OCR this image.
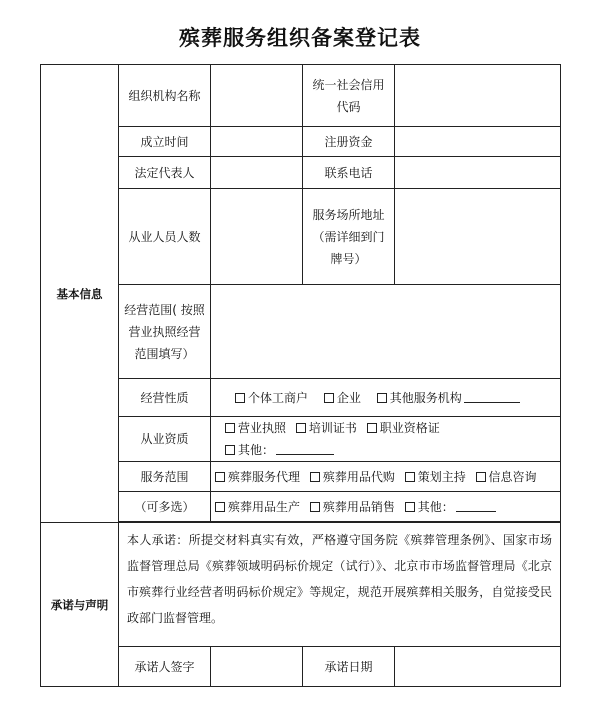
殡葬服务组织备案登记表
基本信息	组织机构名称		统一社会信用
代码	

	成立时间		注册资金	
	法定代表人		联系电话	
	从业人员人数		服务场所地址
（需详细到门
牌号）	

	经营范围( 按照
营业执照经营
范围填写）			

	经营性质	个体工商户 企业 其他服务机构		
	从业资质	营业执照 培训证书 职业资格证 其他：		
	服务范围	殡葬服务代理 殡葬用品代购 策划主持 信息咨询		
	（可多选）	殡葬用品生产 殡葬用品销售 其他：		

承诺与声明	本人承诺：所提交材料真实有效，严格遵守国务院《殡葬管理条例》、国家市场监督管理总局《殡葬领域明码标价规定（试行）》、北京市市场监督管理局《北京市殡葬行业经营者明码标价规定》等规定，规范开展殡葬相关服务，自觉接受民政部门监督管理。			
	承诺人签字		承诺日期	
